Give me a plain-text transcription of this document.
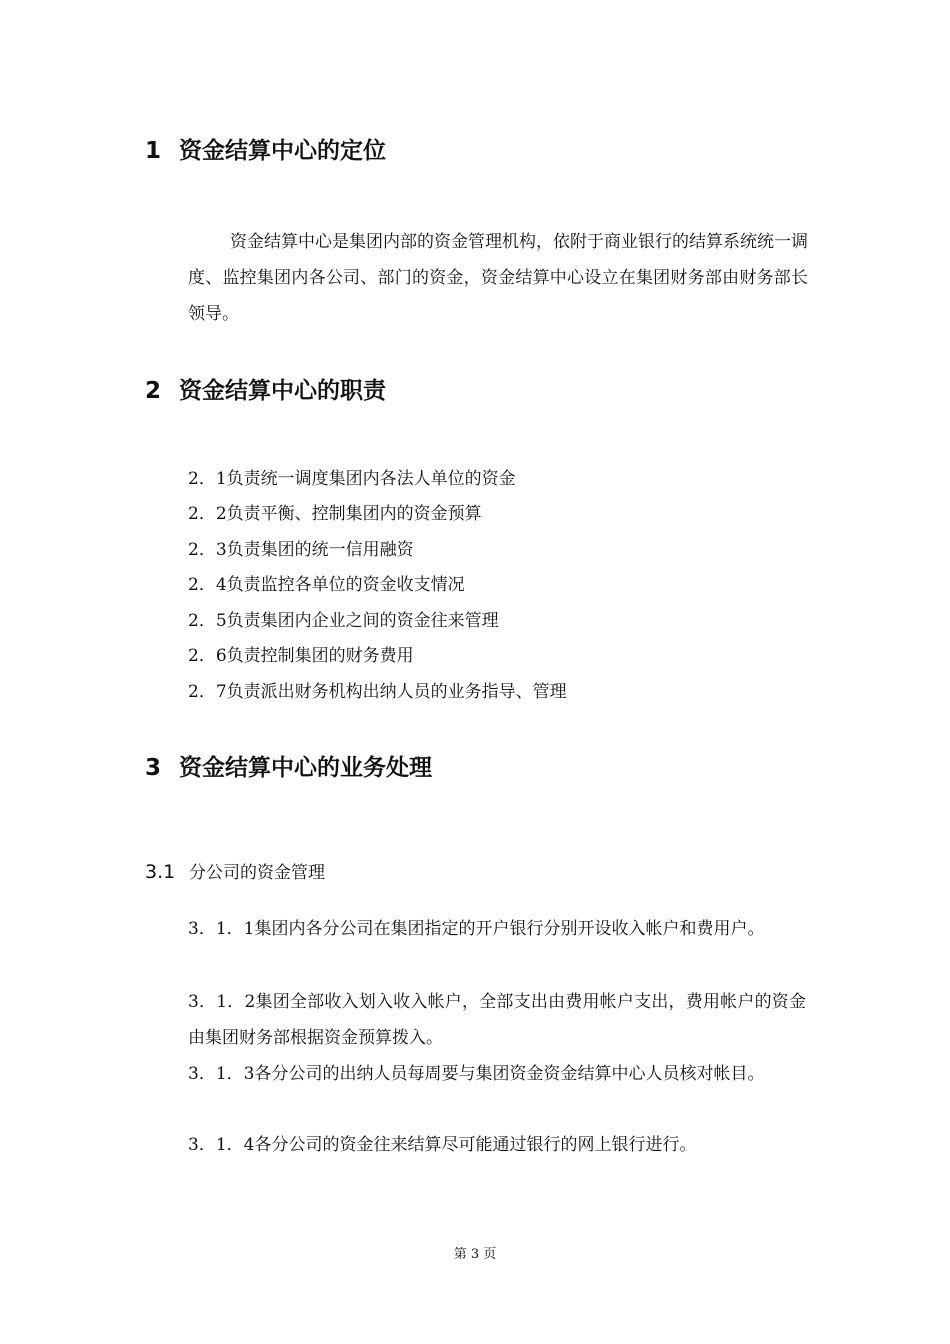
1 资金结算中心的定位
资金结算中心是集团内部的资金管理机构，依附于商业银行的结算系统统一调度、监控集团内各公司、部门的资金，资金结算中心设立在集团财务部由财务部长领导。
2 资金结算中心的职责
2．1负责统一调度集团内各法人单位的资金
2．2负责平衡、控制集团内的资金预算
2．3负责集团的统一信用融资
2．4负责监控各单位的资金收支情况
2．5负责集团内企业之间的资金往来管理
2．6负责控制集团的财务费用
2．7负责派出财务机构出纳人员的业务指导、管理
3 资金结算中心的业务处理
3.1 分公司的资金管理
3．1．1集团内各分公司在集团指定的开户银行分别开设收入帐户和费用户。
3．1．2集团全部收入划入收入帐户，全部支出由费用帐户支出，费用帐户的资金由集团财务部根据资金预算拨入。
3．1．3各分公司的出纳人员每周要与集团资金资金结算中心人员核对帐目。
3．1．4各分公司的资金往来结算尽可能通过银行的网上银行进行。
第 3 页
